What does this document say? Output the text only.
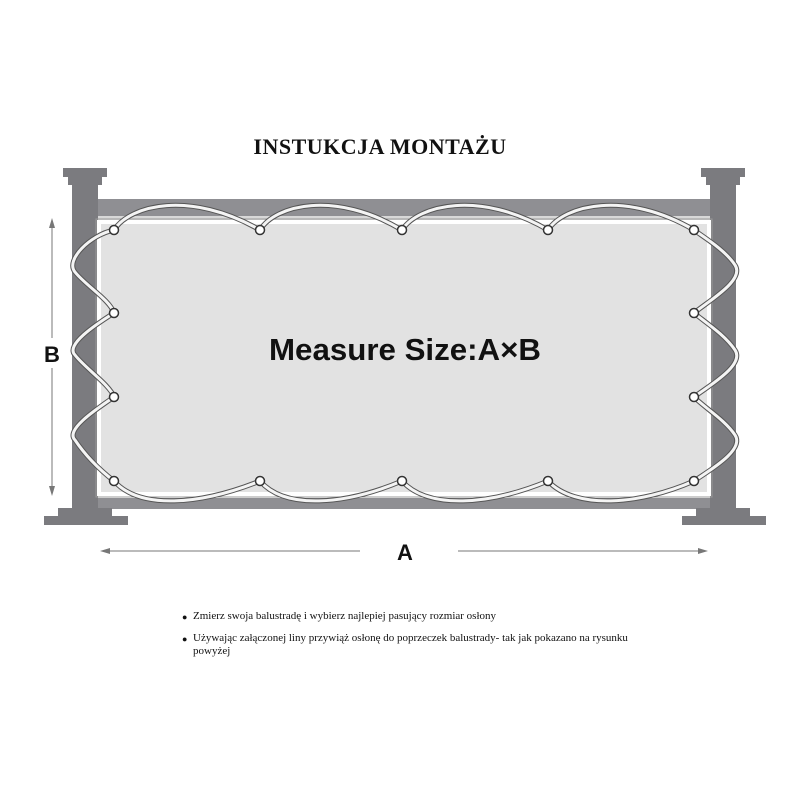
INSTUKCJA MONTAŻU
B
A
Measure Size:A×B
● Zmierz swoja balustradę i wybierz najlepiej pasujący rozmiar osłony
● Używając załączonej liny przywiąż osłonę do poprzeczek balustrady- tak jak pokazano na rysunku powyżej
